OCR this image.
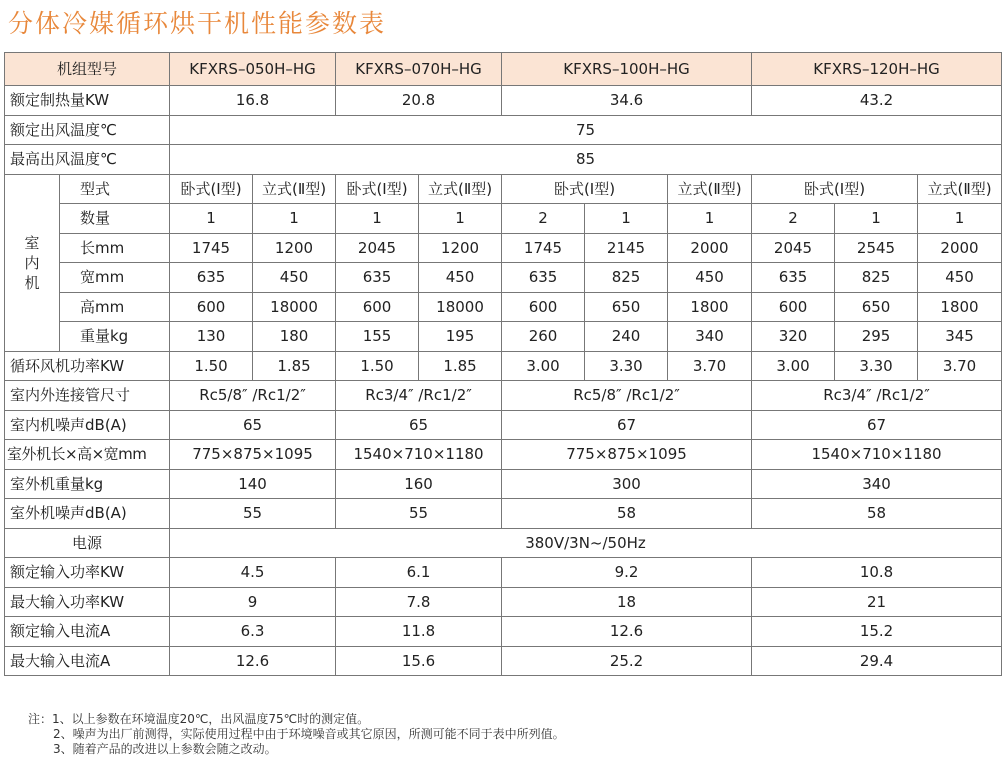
分体冷媒循环烘干机性能参数表
机组型号		KFXRS–050H–HG		KFXRS–070H–HG		KFXRS–100H–HG			KFXRS–120H–HG		
额定制热量KW		16.8		20.8		34.6			43.2		
额定出风温度℃		75									
最高出风温度℃		85									

室
内
机	型式	卧式(Ⅰ型)	立式(Ⅱ型)	卧式(Ⅰ型)	立式(Ⅱ型)	卧式(Ⅰ型)		立式(Ⅱ型)	卧式(Ⅰ型)		立式(Ⅱ型)
	数量	1	1	1	1	2	1	1	2	1	1
	长mm	1745	1200	2045	1200	1745	2145	2000	2045	2545	2000
	宽mm	635	450	635	450	635	825	450	635	825	450
	高mm	600	18000	600	18000	600	650	1800	600	650	1800
	重量kg	130	180	155	195	260	240	340	320	295	345
循环风机功率KW		1.50	1.85	1.50	1.85	3.00	3.30	3.70	3.00	3.30	3.70
室内外连接管尺寸		Rc5/8″ /Rc1/2″		Rc3/4″ /Rc1/2″		Rc5/8″ /Rc1/2″			Rc3/4″ /Rc1/2″		
室内机噪声dB(A)		65		65		67			67		
室外机长×高×宽mm		775×875×1095		1540×710×1180		775×875×1095			1540×710×1180		
室外机重量kg		140		160		300			340		
室外机噪声dB(A)		55		55		58			58		
电源		380V/3N~/50Hz									
额定输入功率KW		4.5		6.1		9.2			10.8		
最大输入功率KW		9		7.8		18			21		
额定输入电流A		6.3		11.8		12.6			15.2		
最大输入电流A		12.6		15.6		25.2			29.4		
注：1、以上参数在环境温度20℃，出风温度75℃时的测定值。
2、噪声为出厂前测得，实际使用过程中由于环境噪音或其它原因，所测可能不同于表中所列值。
3、随着产品的改进以上参数会随之改动。
